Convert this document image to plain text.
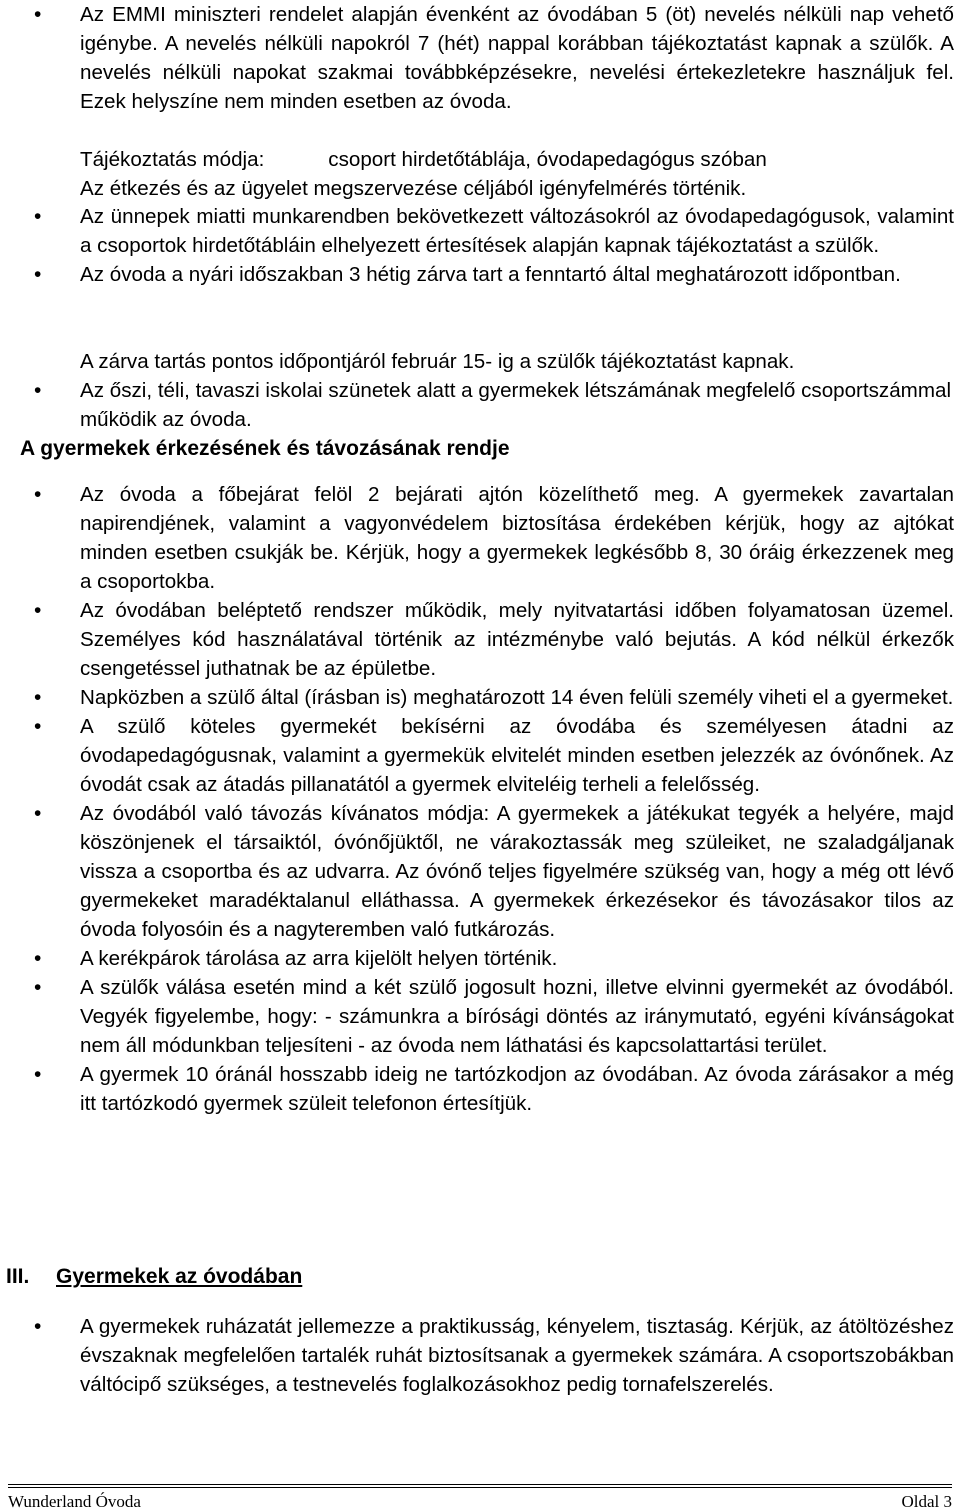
• Az EMMI miniszteri rendelet alapján évenként az óvodában 5 (öt) nevelés nélküli nap vehető igénybe. A nevelés nélküli napokról 7 (hét) nappal korábban tájékoztatást kapnak a szülők. A nevelés nélküli napokat szakmai továbbképzésekre, nevelési értekezletekre használjuk fel. Ezek helyszíne nem minden esetben az óvoda.
Tájékoztatás módja:	csoport hirdetőtáblája, óvodapedagógus szóban
Az étkezés és az ügyelet megszervezése céljából igényfelmérés történik.
• Az ünnepek miatti munkarendben bekövetkezett változásokról az óvodapedagógusok, valamint a csoportok hirdetőtábláin elhelyezett értesítések alapján kapnak tájékoztatást a szülők.
• Az óvoda a nyári időszakban 3 hétig zárva tart a fenntartó által meghatározott időpontban.
A zárva tartás pontos időpontjáról február 15- ig a szülők tájékoztatást kapnak.
• Az őszi, téli, tavaszi iskolai szünetek alatt a gyermekek létszámának megfelelő csoportszámmal működik az óvoda.
A gyermekek érkezésének és távozásának rendje
• Az óvoda a főbejárat felöl 2 bejárati ajtón közelíthető meg. A gyermekek zavartalan napirendjének, valamint a vagyonvédelem biztosítása érdekében kérjük, hogy az ajtókat minden esetben csukják be. Kérjük, hogy a gyermekek legkésőbb 8, 30 óráig érkezzenek meg a csoportokba.
• Az óvodában beléptető rendszer működik, mely nyitvatartási időben folyamatosan üzemel. Személyes kód használatával történik az intézménybe való bejutás. A kód nélkül érkezők csengetéssel juthatnak be az épületbe.
• Napközben a szülő által (írásban is) meghatározott 14 éven felüli személy viheti el a gyermeket.
• A szülő köteles gyermekét bekísérni az óvodába és személyesen átadni az óvodapedagógusnak, valamint a gyermekük elvitelét minden esetben jelezzék az óvónőnek. Az óvodát csak az átadás pillanatától a gyermek elviteléig terheli a felelősség.
• Az óvodából való távozás kívánatos módja: A gyermekek a játékukat tegyék a helyére, majd köszönjenek el társaiktól, óvónőjüktől, ne várakoztassák meg szüleiket, ne szaladgáljanak vissza a csoportba és az udvarra. Az óvónő teljes figyelmére szükség van, hogy a még ott lévő gyermekeket maradéktalanul elláthassa. A gyermekek érkezésekor és távozásakor tilos az óvoda folyosóin és a nagyteremben való futkározás.
• A kerékpárok tárolása az arra kijelölt helyen történik.
• A szülők válása esetén mind a két szülő jogosult hozni, illetve elvinni gyermekét az óvodából. Vegyék figyelembe, hogy: - számunkra a bírósági döntés az iránymutató, egyéni kívánságokat nem áll módunkban teljesíteni - az óvoda nem láthatási és kapcsolattartási terület.
• A gyermek 10 óránál hosszabb ideig ne tartózkodjon az óvodában. Az óvoda zárásakor a még itt tartózkodó gyermek szüleit telefonon értesítjük.
III.	Gyermekek az óvodában
• A gyermekek ruházatát jellemezze a praktikusság, kényelem, tisztaság. Kérjük, az átöltözéshez évszaknak megfelelően tartalék ruhát biztosítsanak a gyermekek számára. A csoportszobákban váltócipő szükséges, a testnevelés foglalkozásokhoz pedig tornafelszerelés.
Wunderland Óvoda	Oldal 3
